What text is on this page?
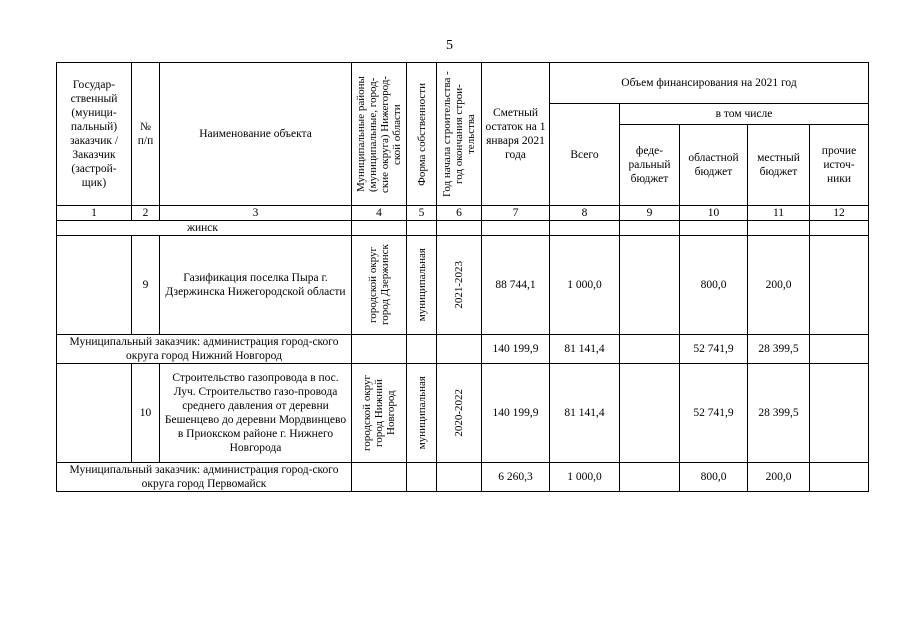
5
Государ-ственный (муници-пальный) заказчик / Заказчик (застрой-щик)	№ п/п	Наименование объекта	Муниципальные районы (муниципальные, город-ские округа) Нижегород-ской области	Форма собственности	Год начала строительства - год окончания строи-тельства	Сметный остаток на 1 января 2021 года	Объем финансирования на 2021 год				
							Всего	в том числе			
								феде-ральный бюджет	областной бюджет	местный бюджет	прочие источ-ники
1	2	3	4	5	6	7	8	9	10	11	12
жинск											
	9	Газификация поселка Пыра г. Дзержинска Нижегородской области	городской округ город Дзержинск	муниципальная	2021-2023	88 744,1	1 000,0		800,0	200,0	
Муниципальный заказчик: администрация город-ского округа город Нижний Новгород						140 199,9	81 141,4		52 741,9	28 399,5	
	10	Строительство газопровода в пос. Луч. Строительство газо-провода среднего давления от деревни Бешенцево до деревни Мордвинцево в Приокском районе г. Нижнего Новгорода	городской округ город Нижний Новгород	муниципальная	2020-2022	140 199,9	81 141,4		52 741,9	28 399,5	
Муниципальный заказчик: администрация город-ского округа город Первомайск						6 260,3	1 000,0		800,0	200,0	
